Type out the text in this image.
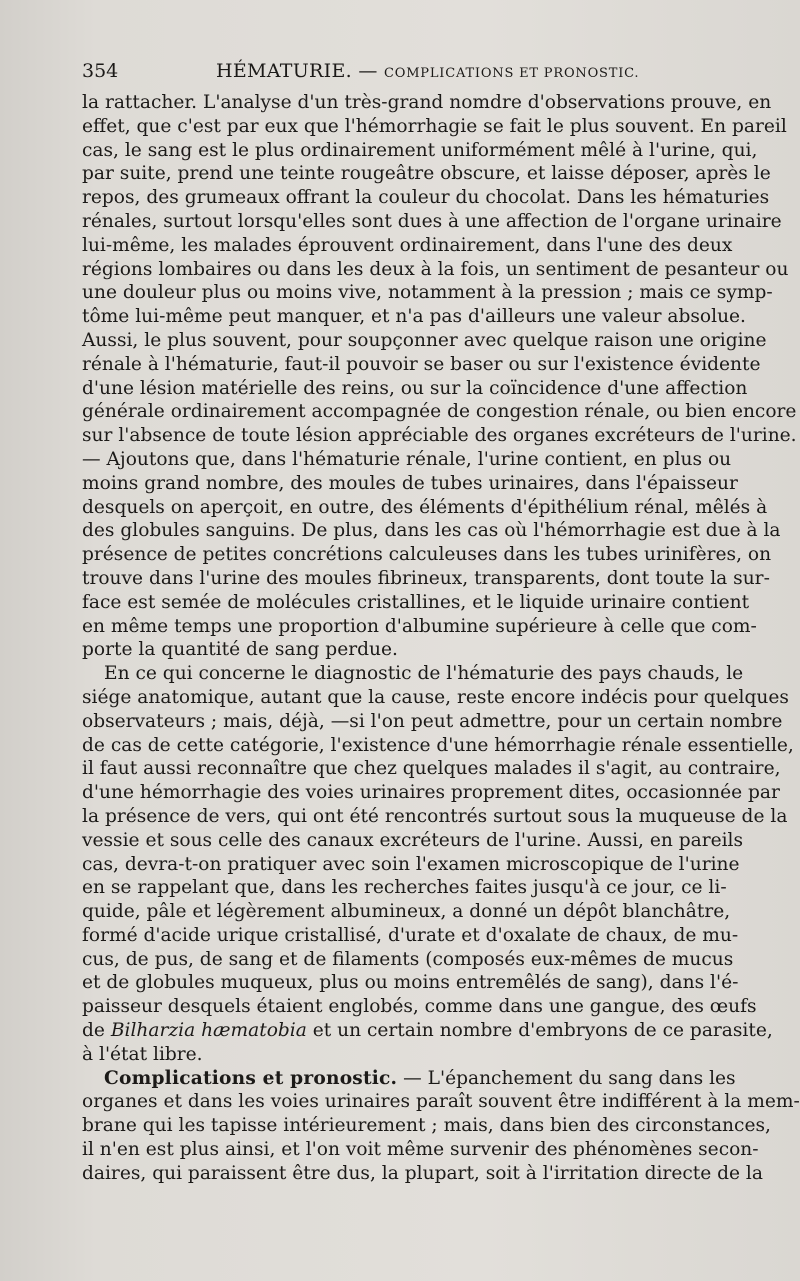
354	HÉMATURIE. — COMPLICATIONS ET PRONOSTIC.
la rattacher. L'analyse d'un très-grand nomdre d'observations prouve, en
effet, que c'est par eux que l'hémorrhagie se fait le plus souvent. En pareil
cas, le sang est le plus ordinairement uniformément mêlé à l'urine, qui,
par suite, prend une teinte rougeâtre obscure, et laisse déposer, après le
repos, des grumeaux offrant la couleur du chocolat. Dans les hématuries
rénales, surtout lorsqu'elles sont dues à une affection de l'organe urinaire
lui-même, les malades éprouvent ordinairement, dans l'une des deux
régions lombaires ou dans les deux à la fois, un sentiment de pesanteur ou
une douleur plus ou moins vive, notamment à la pression ; mais ce symp-
tôme lui-même peut manquer, et n'a pas d'ailleurs une valeur absolue.
Aussi, le plus souvent, pour soupçonner avec quelque raison une origine
rénale à l'hématurie, faut-il pouvoir se baser ou sur l'existence évidente
d'une lésion matérielle des reins, ou sur la coïncidence d'une affection
générale ordinairement accompagnée de congestion rénale, ou bien encore
sur l'absence de toute lésion appréciable des organes excréteurs de l'urine.
— Ajoutons que, dans l'hématurie rénale, l'urine contient, en plus ou
moins grand nombre, des moules de tubes urinaires, dans l'épaisseur
desquels on aperçoit, en outre, des éléments d'épithélium rénal, mêlés à
des globules sanguins. De plus, dans les cas où l'hémorrhagie est due à la
présence de petites concrétions calculeuses dans les tubes urinifères, on
trouve dans l'urine des moules fibrineux, transparents, dont toute la sur-
face est semée de molécules cristallines, et le liquide urinaire contient
en même temps une proportion d'albumine supérieure à celle que com-
porte la quantité de sang perdue.
En ce qui concerne le diagnostic de l'hématurie des pays chauds, le
siége anatomique, autant que la cause, reste encore indécis pour quelques
observateurs ; mais, déjà, —si l'on peut admettre, pour un certain nombre
de cas de cette catégorie, l'existence d'une hémorrhagie rénale essentielle,
il faut aussi reconnaître que chez quelques malades il s'agit, au contraire,
d'une hémorrhagie des voies urinaires proprement dites, occasionnée par
la présence de vers, qui ont été rencontrés surtout sous la muqueuse de la
vessie et sous celle des canaux excréteurs de l'urine. Aussi, en pareils
cas, devra-t-on pratiquer avec soin l'examen microscopique de l'urine
en se rappelant que, dans les recherches faites jusqu'à ce jour, ce li-
quide, pâle et légèrement albumineux, a donné un dépôt blanchâtre,
formé d'acide urique cristallisé, d'urate et d'oxalate de chaux, de mu-
cus, de pus, de sang et de filaments (composés eux-mêmes de mucus
et de globules muqueux, plus ou moins entremêlés de sang), dans l'é-
paisseur desquels étaient englobés, comme dans une gangue, des œufs
de Bilharzia hæmatobia et un certain nombre d'embryons de ce parasite,
à l'état libre.
Complications et pronostic. — L'épanchement du sang dans les
organes et dans les voies urinaires paraît souvent être indifférent à la mem-
brane qui les tapisse intérieurement ; mais, dans bien des circonstances,
il n'en est plus ainsi, et l'on voit même survenir des phénomènes secon-
daires, qui paraissent être dus, la plupart, soit à l'irritation directe de la
